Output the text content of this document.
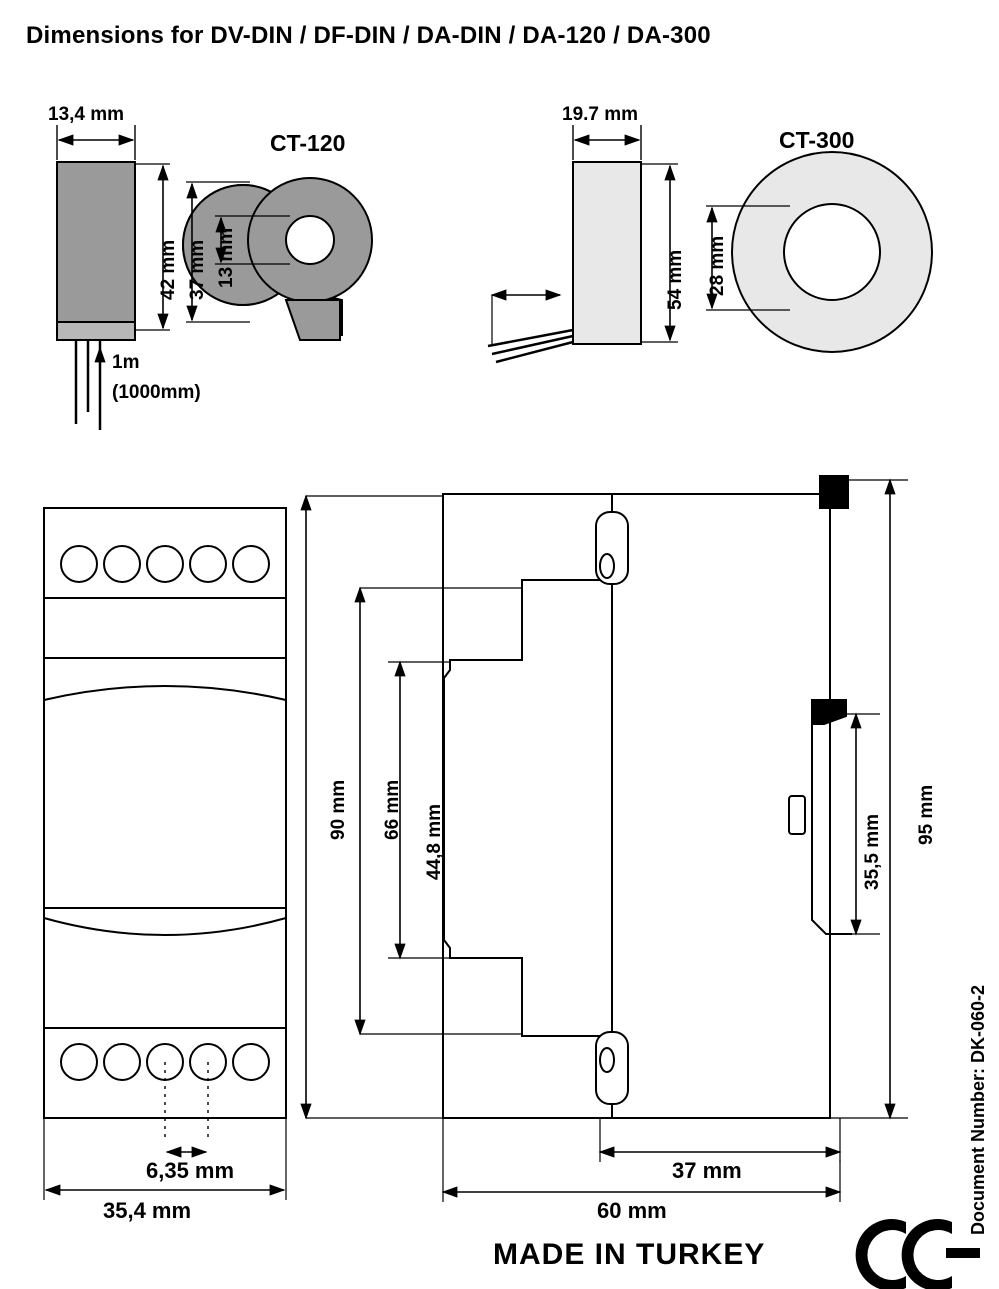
Dimensions for DV-DIN / DF-DIN / DA-DIN / DA-120 / DA-300
13,4 mm
CT-120
42 mm 37 mm 13 mm
1m
(1000mm)
19.7 mm
CT-300
54 mm 28 mm
90 mm 66 mm 44,8 mm	35,5 mm 95 mm
6,35 mm
35,4 mm
37 mm
60 mm
MADE IN TURKEY
Document Number: DK-060-2
